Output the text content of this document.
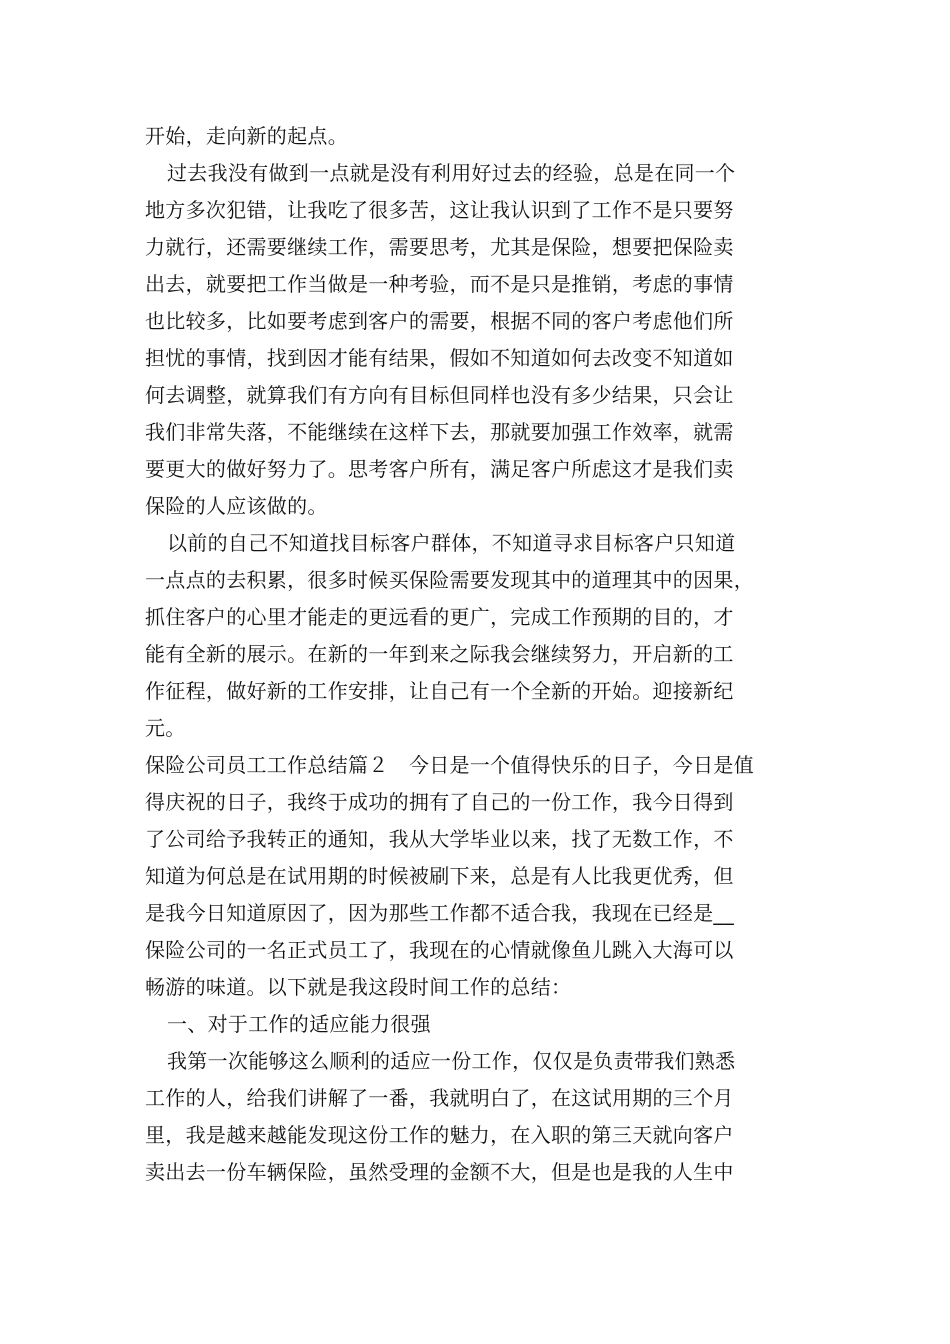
开始，走向新的起点。
过去我没有做到一点就是没有利用好过去的经验，总是在同一个
地方多次犯错，让我吃了很多苦，这让我认识到了工作不是只要努
力就行，还需要继续工作，需要思考，尤其是保险，想要把保险卖
出去，就要把工作当做是一种考验，而不是只是推销，考虑的事情
也比较多，比如要考虑到客户的需要，根据不同的客户考虑他们所
担忧的事情，找到因才能有结果，假如不知道如何去改变不知道如
何去调整，就算我们有方向有目标但同样也没有多少结果，只会让
我们非常失落，不能继续在这样下去，那就要加强工作效率，就需
要更大的做好努力了。思考客户所有，满足客户所虑这才是我们卖
保险的人应该做的。
以前的自己不知道找目标客户群体，不知道寻求目标客户只知道
一点点的去积累，很多时候买保险需要发现其中的道理其中的因果，
抓住客户的心里才能走的更远看的更广，完成工作预期的目的，才
能有全新的展示。在新的一年到来之际我会继续努力，开启新的工
作征程，做好新的工作安排，让自己有一个全新的开始。迎接新纪
元。
保险公司员工工作总结篇２　今日是一个值得快乐的日子，今日是值
得庆祝的日子，我终于成功的拥有了自己的一份工作，我今日得到
了公司给予我转正的通知，我从大学毕业以来，找了无数工作，不
知道为何总是在试用期的时候被刷下来，总是有人比我更优秀，但
是我今日知道原因了，因为那些工作都不适合我，我现在已经是__
保险公司的一名正式员工了，我现在的心情就像鱼儿跳入大海可以
畅游的味道。以下就是我这段时间工作的总结：
一、对于工作的适应能力很强
我第一次能够这么顺利的适应一份工作，仅仅是负责带我们熟悉
工作的人，给我们讲解了一番，我就明白了，在这试用期的三个月
里，我是越来越能发现这份工作的魅力，在入职的第三天就向客户
卖出去一份车辆保险，虽然受理的金额不大，但是也是我的人生中
